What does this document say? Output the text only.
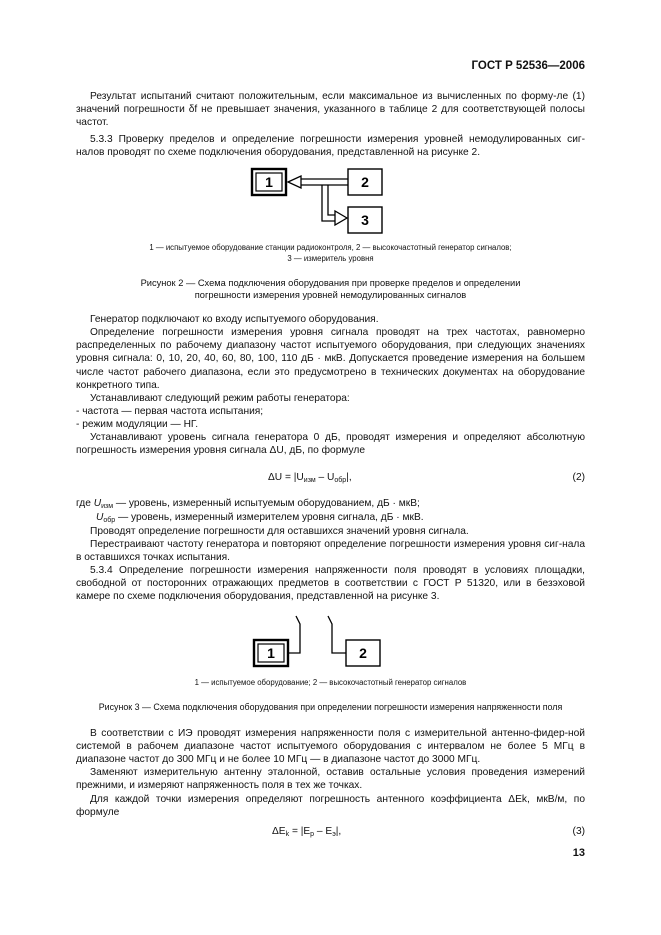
ГОСТ Р 52536—2006

Результат испытаний считают положительным, если максимальное из вычисленных по форму-ле (1) значений погрешности δf не превышает значения, указанного в таблице 2 для соответствующей полосы частот.

5.3.3 Проверку пределов и определение погрешности измерения уровней немодулированных сиг-налов проводят по схеме подключения оборудования, представленной на рисунке 2.

1	2
3

1 — испытуемое оборудование станции радиоконтроля, 2 — высокочастотный генератор сигналов;

3 — измеритель уровня

Рисунок 2 — Схема подключения оборудования при проверке пределов и определении

погрешности измерения уровней немодулированных сигналов

Генератор подключают ко входу испытуемого оборудования.

Определение погрешности измерения уровня сигнала проводят на трех частотах, равномерно распределенных по рабочему диапазону частот испытуемого оборудования, при следующих значениях уровня сигнала: 0, 10, 20, 40, 60, 80, 100, 110 дБ · мкВ. Допускается проведение измерения на большем числе частот рабочего диапазона, если это предусмотрено в технических документах на оборудование конкретного типа.

Устанавливают следующий режим работы генератора:

- частота — первая частота испытания;

- режим модуляции — НГ.

Устанавливают уровень сигнала генератора 0 дБ, проводят измерения и определяют абсолютную погрешность измерения уровня сигнала ΔU, дБ, по формуле

$\Delta U = |U_{изм} - U_{обр}|$,	(2)
где $U_{изм}$ — уровень, измеренный испытуемым оборудованием, дБ · мкВ;
$U_{обр}$ — уровень, измеренный измерителем уровня сигнала, дБ · мкВ.

Проводят определение погрешности для оставшихся значений уровня сигнала.

Перестраивают частоту генератора и повторяют определение погрешности измерения уровня сиг-нала в оставшихся точках испытания.

5.3.4 Определение погрешности измерения напряженности поля проводят в условиях площадки, свободной от посторонних отражающих предметов в соответствии с ГОСТ Р 51320, или в безэховой камере по схеме подключения оборудования, представленной на рисунке 3.

1	2

1 — испытуемое оборудование; 2 — высокочастотный генератор сигналов

Рисунок 3 — Схема подключения оборудования при определении погрешности измерения напряженности поля

В соответствии с ИЭ проводят измерения напряженности поля с измерительной антенно-фидер-ной системой в рабочем диапазоне частот испытуемого оборудования с интервалом не более 5 МГц в диапазоне частот до 300 МГц и не более 10 МГц — в диапазоне частот до 3000 МГц.

Заменяют измерительную антенну эталонной, оставив остальные условия проведения измерений прежними, и измеряют напряженность поля в тех же точках.

Для каждой точки измерения определяют погрешность антенного коэффициента ΔEk, мкВ/м, по формуле

$\Delta E_k = |E_р - E_э|$,	(3)
13
